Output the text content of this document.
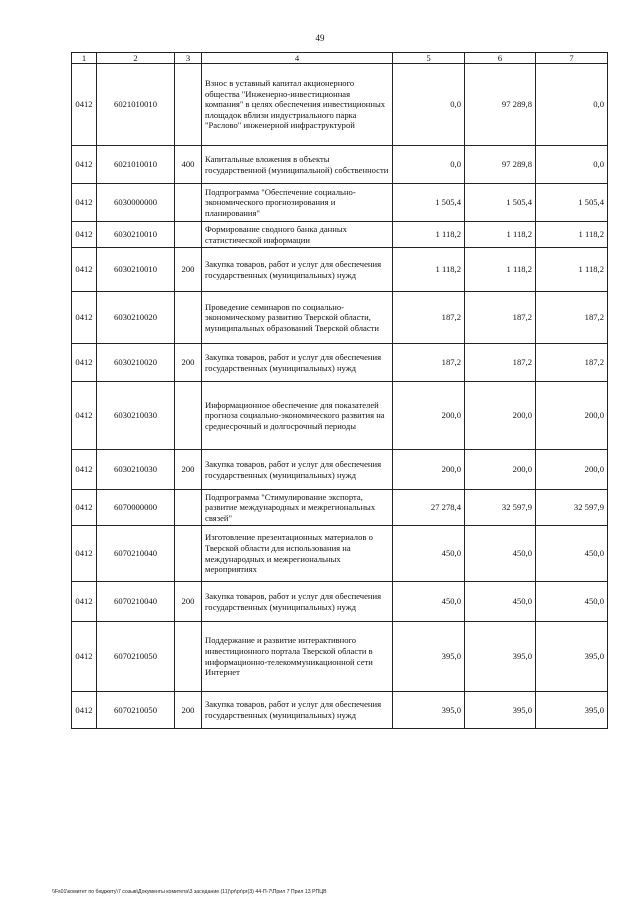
49
1	2	3	4	5	6	7
0412	6021010010		Взнос в уставный капитал акционерного общества "Инженерно-инвестиционная компания" в целях обеспечения инвестиционных площадок вблизи индустриального парка "Раслово" инженерной инфраструктурой	0,0	97 289,8	0,0
0412	6021010010	400	Капитальные вложения в объекты государственной (муниципальной) собственности	0,0	97 289,8	0,0
0412	6030000000		Подпрограмма "Обеспечение социально-экономического прогнозирования и планирования"	1 505,4	1 505,4	1 505,4
0412	6030210010		Формирование сводного банка данных статистической информации	1 118,2	1 118,2	1 118,2
0412	6030210010	200	Закупка товаров, работ и услуг для обеспечения государственных (муниципальных) нужд	1 118,2	1 118,2	1 118,2
0412	6030210020		Проведение семинаров по социально-экономическому развитию Тверской области, муниципальных образований Тверской области	187,2	187,2	187,2
0412	6030210020	200	Закупка товаров, работ и услуг для обеспечения государственных (муниципальных) нужд	187,2	187,2	187,2
0412	6030210030		Информационное обеспечение для показателей прогноза социально-экономического развития на среднесрочный и долгосрочный периоды	200,0	200,0	200,0
0412	6030210030	200	Закупка товаров, работ и услуг для обеспечения государственных (муниципальных) нужд	200,0	200,0	200,0
0412	6070000000		Подпрограмма "Стимулирование экспорта, развитие международных и межрегиональных связей"	27 278,4	32 597,9	32 597,9
0412	6070210040		Изготовление презентационных материалов о Тверской области для использования на международных и межрегиональных мероприятиях	450,0	450,0	450,0
0412	6070210040	200	Закупка товаров, работ и услуг для обеспечения государственных (муниципальных) нужд	450,0	450,0	450,0
0412	6070210050		Поддержание и развитие интерактивного инвестиционного портала Тверской области в информационно-телекоммуникационной сети Интернет	395,0	395,0	395,0
0412	6070210050	200	Закупка товаров, работ и услуг для обеспечения государственных (муниципальных) нужд	395,0	395,0	395,0
\\Fs01\комитет по бюджету\7 созыв\Документы комитета\3 заседание (11)\pr\pr\pr(3) 44-П-7\Прил 7 Прил 13 РПЦВ
